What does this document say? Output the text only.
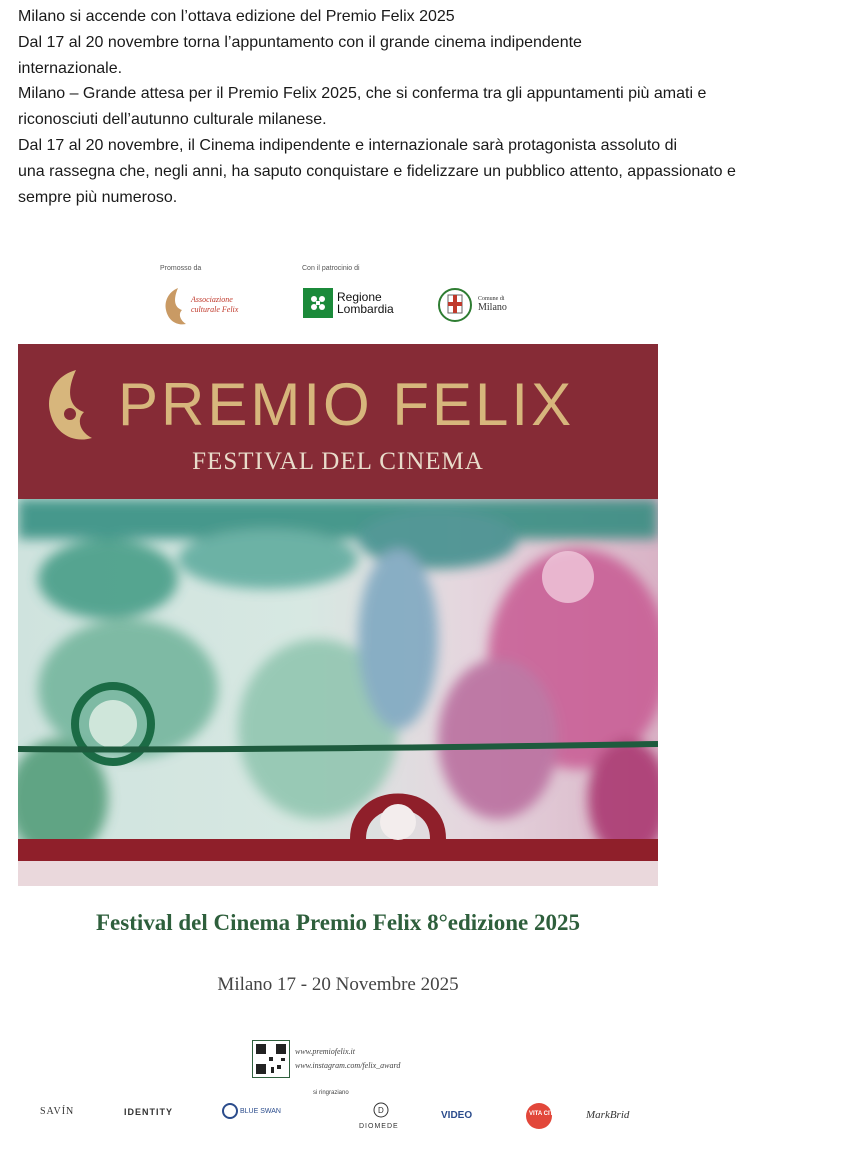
Milano si accende con l’ottava edizione del Premio Felix 2025

Dal 17 al 20 novembre torna l’appuntamento con il grande cinema indipendente

internazionale.

Milano – Grande attesa per il Premio Felix 2025, che si conferma tra gli appuntamenti più amati e

riconosciuti dell’autunno culturale milanese.

Dal 17 al 20 novembre, il Cinema indipendente e internazionale sarà protagonista assoluto di

una rassegna che, negli anni, ha saputo conquistare e fidelizzare un pubblico attento, appassionato e

sempre più numeroso.

Promosso da	Con il patrocinio di
Associazione
culturale Felix
Regione
Lombardia
Comune di
Milano
PREMIO FELIX
FESTIVAL DEL CINEMA
Festival del Cinema Premio Felix 8°edizione 2025
Milano 17 - 20 Novembre 2025
www.premiofelix.it
www.instagram.com/felix_award
si ringraziano
SAVÍN	IDENTITY	BLUE SWAN	D
DIOMEDE
VIDEO	VITA CITY	MarkBrid
